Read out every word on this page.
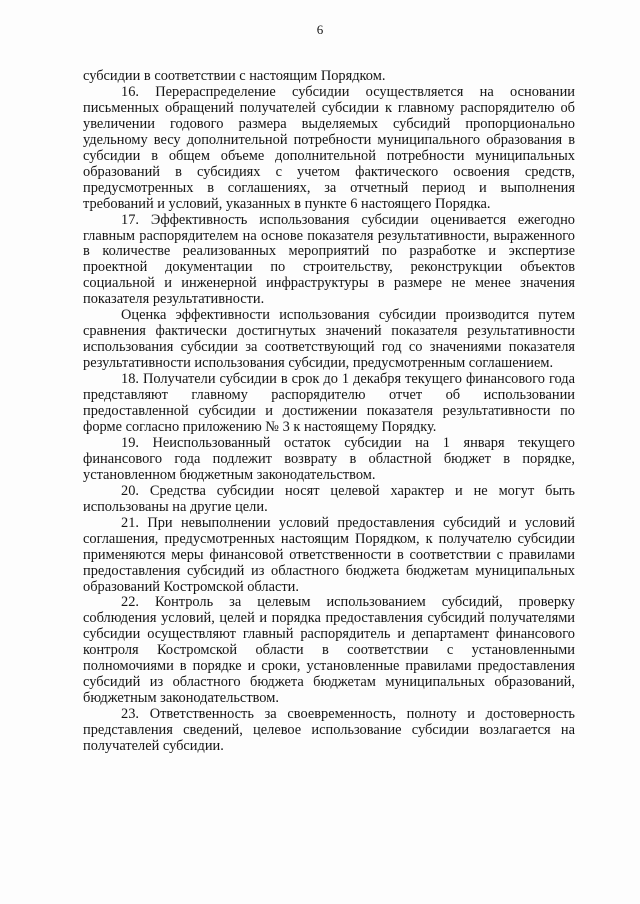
6

субсидии в соответствии с настоящим Порядком.

16. Перераспределение субсидии осуществляется на основании письменных обращений получателей субсидии к главному распорядителю об увеличении годового размера выделяемых субсидий пропорционально удельному весу дополнительной потребности муниципального образования в субсидии в общем объеме дополнительной потребности муниципальных образований в субсидиях с учетом фактического освоения средств, предусмотренных в соглашениях, за отчетный период и выполнения требований и условий, указанных в пункте 6 настоящего Порядка.

17. Эффективность использования субсидии оценивается ежегодно главным распорядителем на основе показателя результативности, выраженного в количестве реализованных мероприятий по разработке и экспертизе проектной документации по строительству, реконструкции объектов социальной и инженерной инфраструктуры в размере не менее значения показателя результативности.

Оценка эффективности использования субсидии производится путем сравнения фактически достигнутых значений показателя результативности использования субсидии за соответствующий год со значениями показателя результативности использования субсидии, предусмотренным соглашением.

18. Получатели субсидии в срок до 1 декабря текущего финансового года представляют главному распорядителю отчет об использовании предоставленной субсидии и достижении показателя результативности по форме согласно приложению № 3 к настоящему Порядку.

19. Неиспользованный остаток субсидии на 1 января текущего финансового года подлежит возврату в областной бюджет в порядке, установленном бюджетным законодательством.

20. Средства субсидии носят целевой характер и не могут быть использованы на другие цели.

21. При невыполнении условий предоставления субсидий и условий соглашения, предусмотренных настоящим Порядком, к получателю субсидии применяются меры финансовой ответственности в соответствии с правилами предоставления субсидий из областного бюджета бюджетам муниципальных образований Костромской области.

22. Контроль за целевым использованием субсидий, проверку соблюдения условий, целей и порядка предоставления субсидий получателями субсидии осуществляют главный распорядитель и департамент финансового контроля Костромской области в соответствии с установленными полномочиями в порядке и сроки, установленные правилами предоставления субсидий из областного бюджета бюджетам муниципальных образований, бюджетным законодательством.

23. Ответственность за своевременность, полноту и достоверность представления сведений, целевое использование субсидии возлагается на получателей субсидии.
